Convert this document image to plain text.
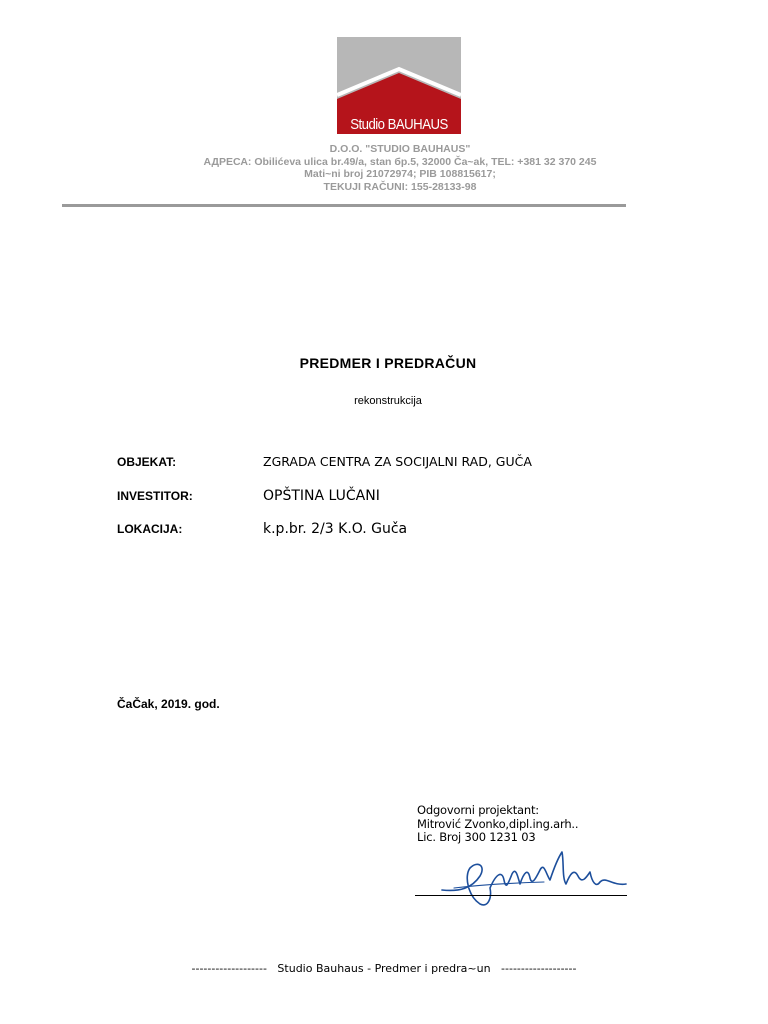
Studio BAUHAUS
D.O.O. "STUDIO BAUHAUS"
АДРЕСА: Obilićeva ulica br.49/a, stan бр.5, 32000 Ča~ak, TEL: +381 32 370 245
Mati~ni broj 21072974; PIB 108815617;
TEKUJI RAČUNI: 155-28133-98
PREDMER I PREDRAČUN
rekonstrukcija
OBJEKAT:	ZGRADA CENTRA ZA SOCIJALNI RAD, GUČA
INVESTITOR:	OPŠTINA LUČANI
LOKACIJA:	k.p.br. 2/3 K.O. Guča
ČaČak, 2019. god.
Odgovorni projektant:
Mitrović Zvonko,dipl.ing.arh..
Lic. Broj 300 1231 03
-------------------   Studio Bauhaus - Predmer i predra~un   -------------------
